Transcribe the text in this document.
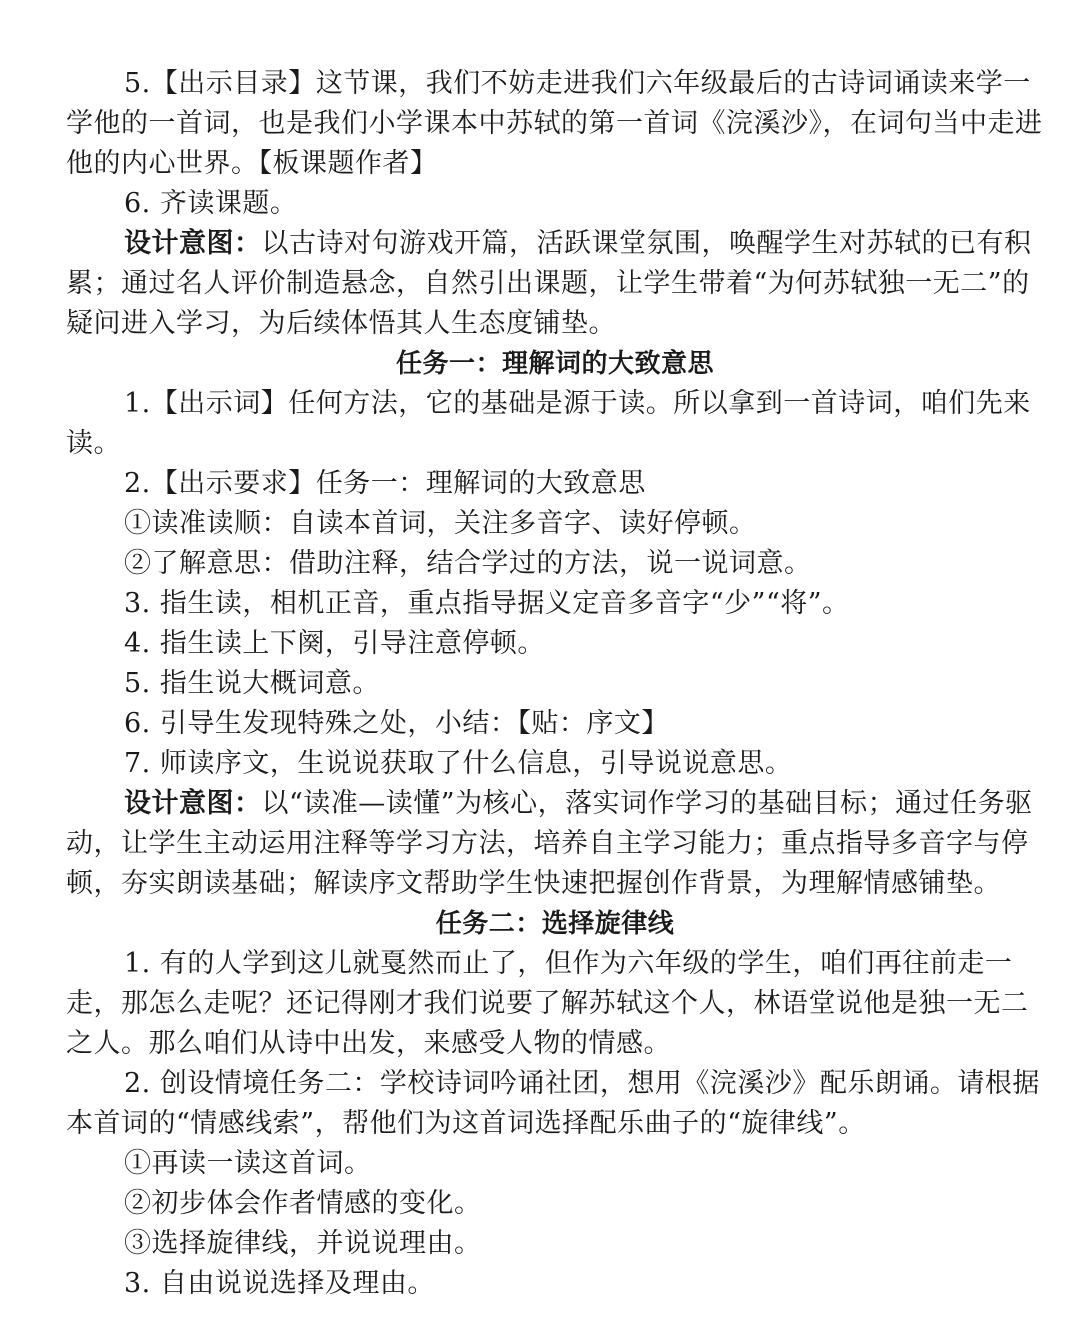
5.【出示目录】这节课，我们不妨走进我们六年级最后的古诗词诵读来学一学他的一首词，也是我们小学课本中苏轼的第一首词《浣溪沙》，在词句当中走进他的内心世界。【板课题作者】

6. 齐读课题。

设计意图：以古诗对句游戏开篇，活跃课堂氛围，唤醒学生对苏轼的已有积累；通过名人评价制造悬念，自然引出课题，让学生带着“为何苏轼独一无二”的疑问进入学习，为后续体悟其人生态度铺垫。

任务一：理解词的大致意思

1.【出示词】任何方法，它的基础是源于读。所以拿到一首诗词，咱们先来读。

2.【出示要求】任务一：理解词的大致意思

①读准读顺：自读本首词，关注多音字、读好停顿。

②了解意思：借助注释，结合学过的方法，说一说词意。

3. 指生读，相机正音，重点指导据义定音多音字“少”“将”。

4. 指生读上下阕，引导注意停顿。

5. 指生说大概词意。

6. 引导生发现特殊之处，小结：【贴：序文】

7. 师读序文，生说说获取了什么信息，引导说说意思。

设计意图：以“读准—读懂”为核心，落实词作学习的基础目标；通过任务驱动，让学生主动运用注释等学习方法，培养自主学习能力；重点指导多音字与停顿，夯实朗读基础；解读序文帮助学生快速把握创作背景，为理解情感铺垫。

任务二：选择旋律线

1. 有的人学到这儿就戛然而止了，但作为六年级的学生，咱们再往前走一走，那怎么走呢？还记得刚才我们说要了解苏轼这个人，林语堂说他是独一无二之人。那么咱们从诗中出发，来感受人物的情感。

2. 创设情境任务二：学校诗词吟诵社团，想用《浣溪沙》配乐朗诵。请根据本首词的“情感线索”，帮他们为这首词选择配乐曲子的“旋律线”。

①再读一读这首词。

②初步体会作者情感的变化。

③选择旋律线，并说说理由。

3. 自由说说选择及理由。
